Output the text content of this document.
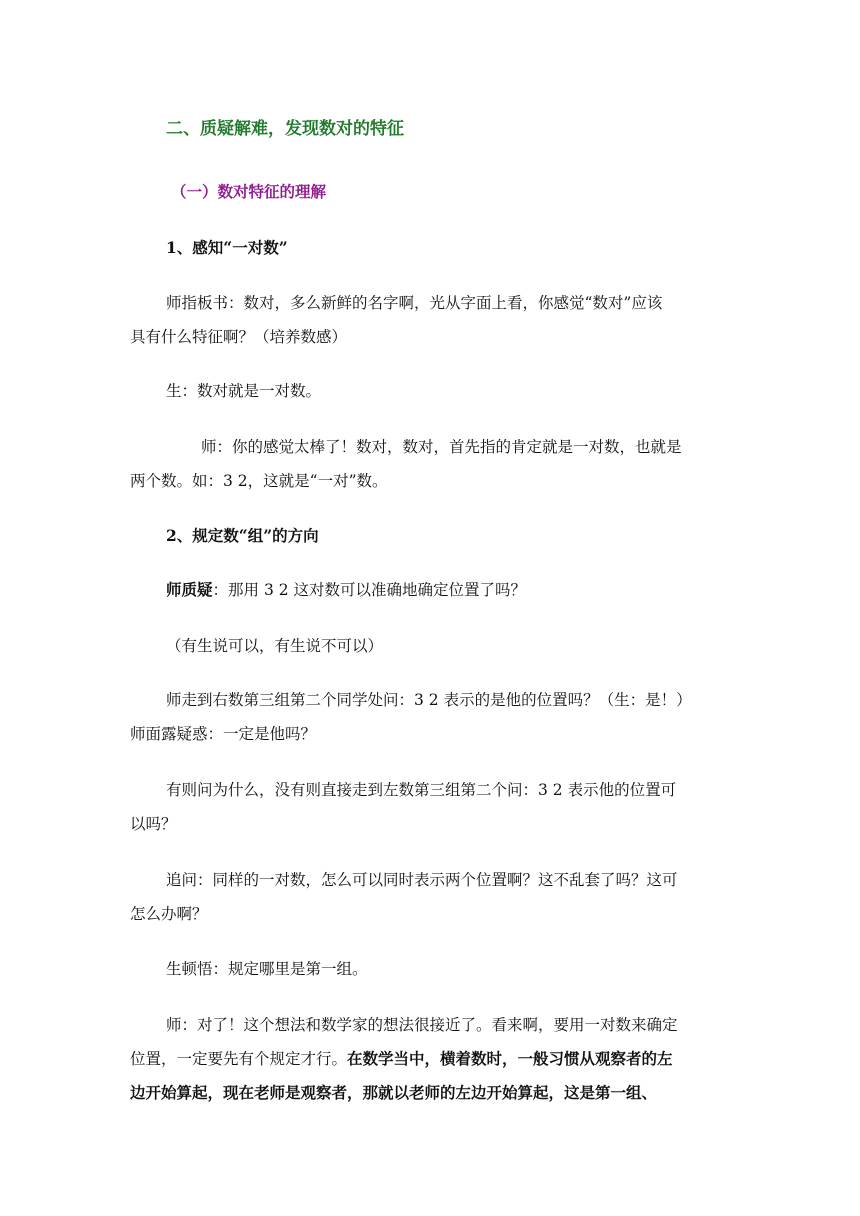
二、质疑解难，发现数对的特征
（一）数对特征的理解
1、感知“一对数”
师指板书：数对，多么新鲜的名字啊，光从字面上看，你感觉“数对”应该
具有什么特征啊？（培养数感）
生：数对就是一对数。
师：你的感觉太棒了！数对，数对，首先指的肯定就是一对数，也就是
两个数。如：3 2，这就是“一对”数。
2、规定数“组”的方向
师质疑：那用 3 2 这对数可以准确地确定位置了吗？
（有生说可以，有生说不可以）
师走到右数第三组第二个同学处问：3 2 表示的是他的位置吗？（生：是！）
师面露疑惑：一定是他吗？
有则问为什么，没有则直接走到左数第三组第二个问：3 2 表示他的位置可
以吗？
追问：同样的一对数，怎么可以同时表示两个位置啊？这不乱套了吗？这可
怎么办啊？
生顿悟：规定哪里是第一组。
师：对了！这个想法和数学家的想法很接近了。看来啊，要用一对数来确定
位置，一定要先有个规定才行。在数学当中，横着数时，一般习惯从观察者的左
边开始算起，现在老师是观察者，那就以老师的左边开始算起，这是第一组、
